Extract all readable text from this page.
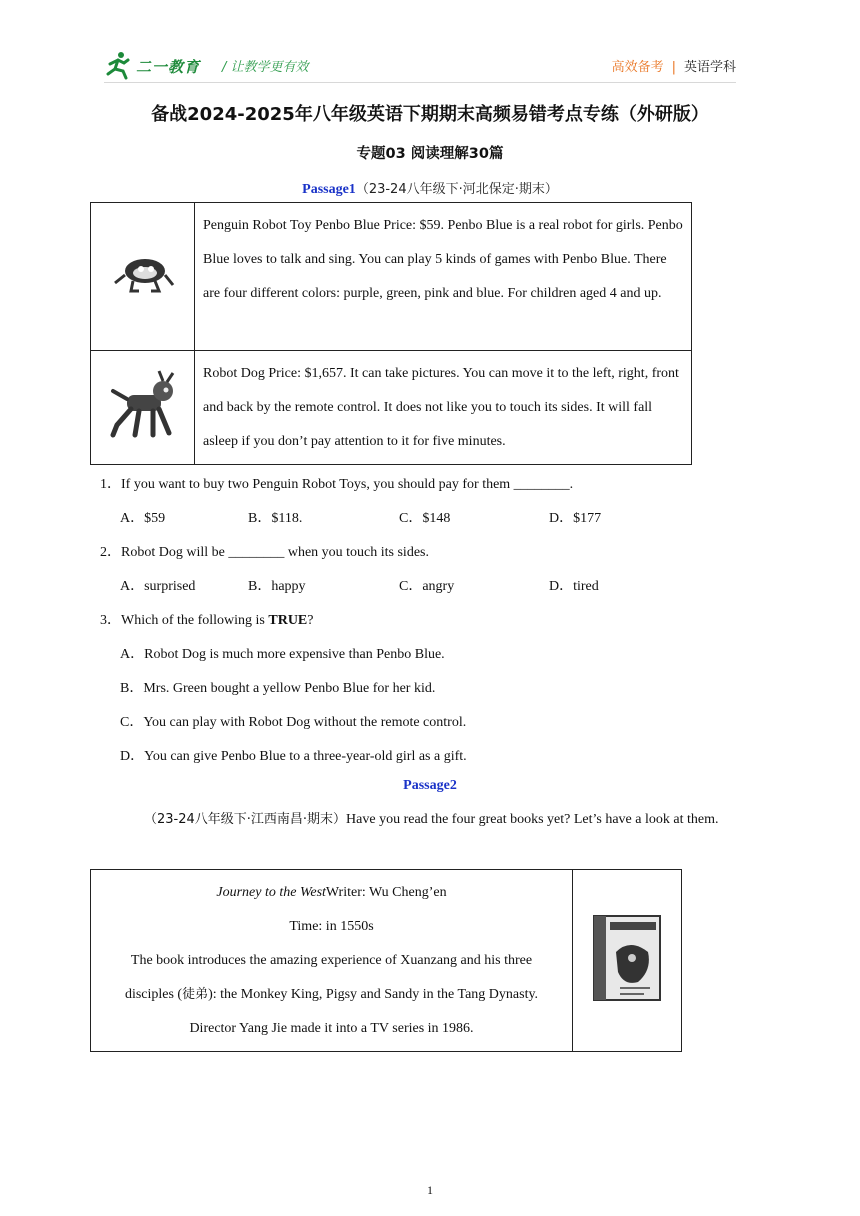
二一教育 / 让教学更有效	高效备考 | 英语学科
备战2024-2025年八年级英语下期期末高频易错考点专练（外研版）
专题03 阅读理解30篇
Passage1（23-24八年级下·河北保定·期末）
	Penguin Robot Toy Penbo Blue Price: $59. Penbo Blue is a real robot for girls. Penbo Blue loves to talk and sing. You can play 5 kinds of games with Penbo Blue. There are four different colors: purple, green, pink and blue. For children aged 4 and up.
	Robot Dog Price: $1,657. It can take pictures. You can move it to the left, right, front and back by the remote control. It does not like you to touch its sides. It will fall asleep if you don’t pay attention to it for five minutes.
1．If you want to buy two Penguin Robot Toys, you should pay for them ________.
A．$59	B．$118.	C．$148	D．$177
2．Robot Dog will be ________ when you touch its sides.
A．surprised	B．happy	C．angry	D．tired
3．Which of the following is TRUE?
A．Robot Dog is much more expensive than Penbo Blue.
B．Mrs. Green bought a yellow Penbo Blue for her kid.
C．You can play with Robot Dog without the remote control.
D．You can give Penbo Blue to a three-year-old girl as a gift.
Passage2
（23-24八年级下·江西南昌·期末）Have you read the four great books yet? Let’s have a look at them.
Journey to the WestWriter: Wu Cheng’en
Time: in 1550s
The book introduces the amazing experience of Xuanzang and his three
disciples (徒弟): the Monkey King, Pigsy and Sandy in the Tang Dynasty.
Director Yang Jie made it into a TV series in 1986.

1
